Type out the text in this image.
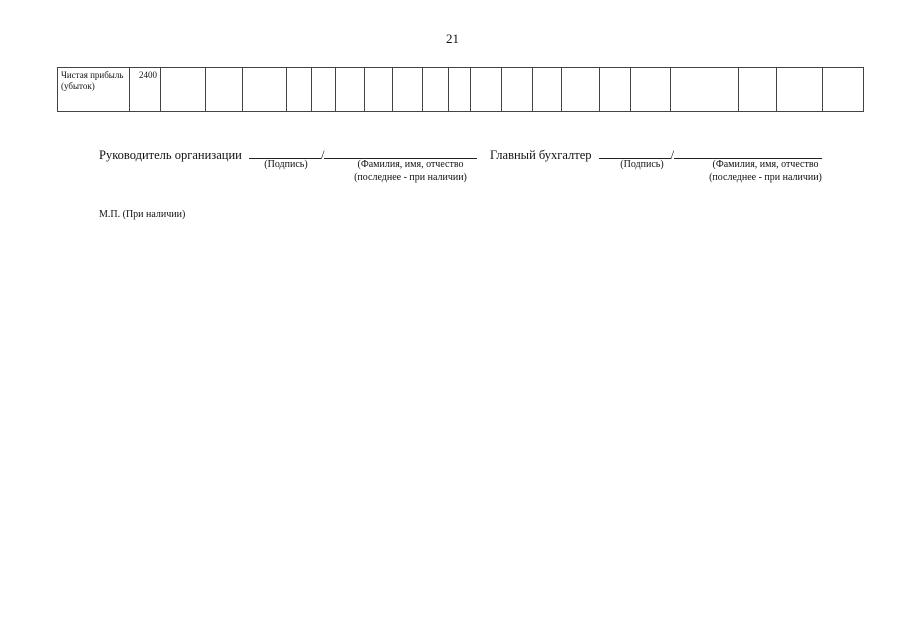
21
Чистая прибыль (убыток)	2400																				
Руководитель организации	/
(Подпись)	(Фамилия, имя, отчество
(последнее - при наличии)
Главный бухгалтер	/
(Подпись)	(Фамилия, имя, отчество
(последнее - при наличии)
М.П. (При наличии)
